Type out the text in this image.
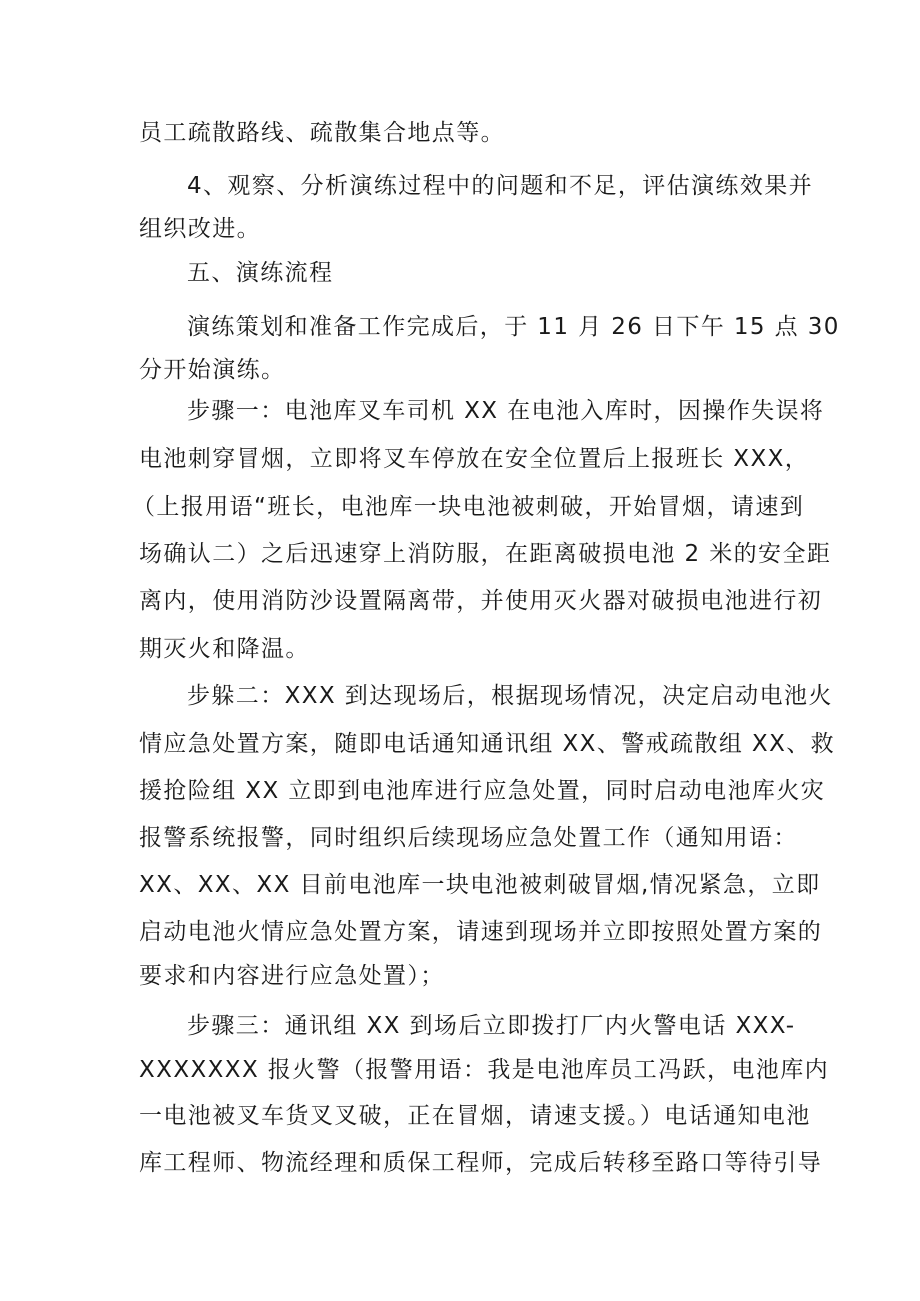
员工疏散路线、疏散集合地点等。
4、观察、分析演练过程中的问题和不足，评估演练效果并
组织改进。
五、演练流程
演练策划和准备工作完成后，于 11 月 26 日下午 15 点 30
分开始演练。
步骤一：电池库叉车司机 XX 在电池入库时，因操作失误将
电池刺穿冒烟，立即将叉车停放在安全位置后上报班长 XXX，
（上报用语“班长，电池库一块电池被刺破，开始冒烟，请速到
场确认二）之后迅速穿上消防服，在距离破损电池 2 米的安全距
离内，使用消防沙设置隔离带，并使用灭火器对破损电池进行初
期灭火和降温。
步躲二：XXX 到达现场后，根据现场情况，决定启动电池火
情应急处置方案，随即电话通知通讯组 XX、警戒疏散组 XX、救
援抢险组 XX 立即到电池库进行应急处置，同时启动电池库火灾
报警系统报警，同时组织后续现场应急处置工作（通知用语：
XX、XX、XX 目前电池库一块电池被刺破冒烟,情况紧急，立即
启动电池火情应急处置方案，请速到现场并立即按照处置方案的
要求和内容进行应急处置）；
步骤三：通讯组 XX 到场后立即拨打厂内火警电话 XXX-
XXXXXXX 报火警（报警用语：我是电池库员工冯跃，电池库内
一电池被叉车货叉叉破，正在冒烟，请速支援。）电话通知电池
库工程师、物流经理和质保工程师，完成后转移至路口等待引导
